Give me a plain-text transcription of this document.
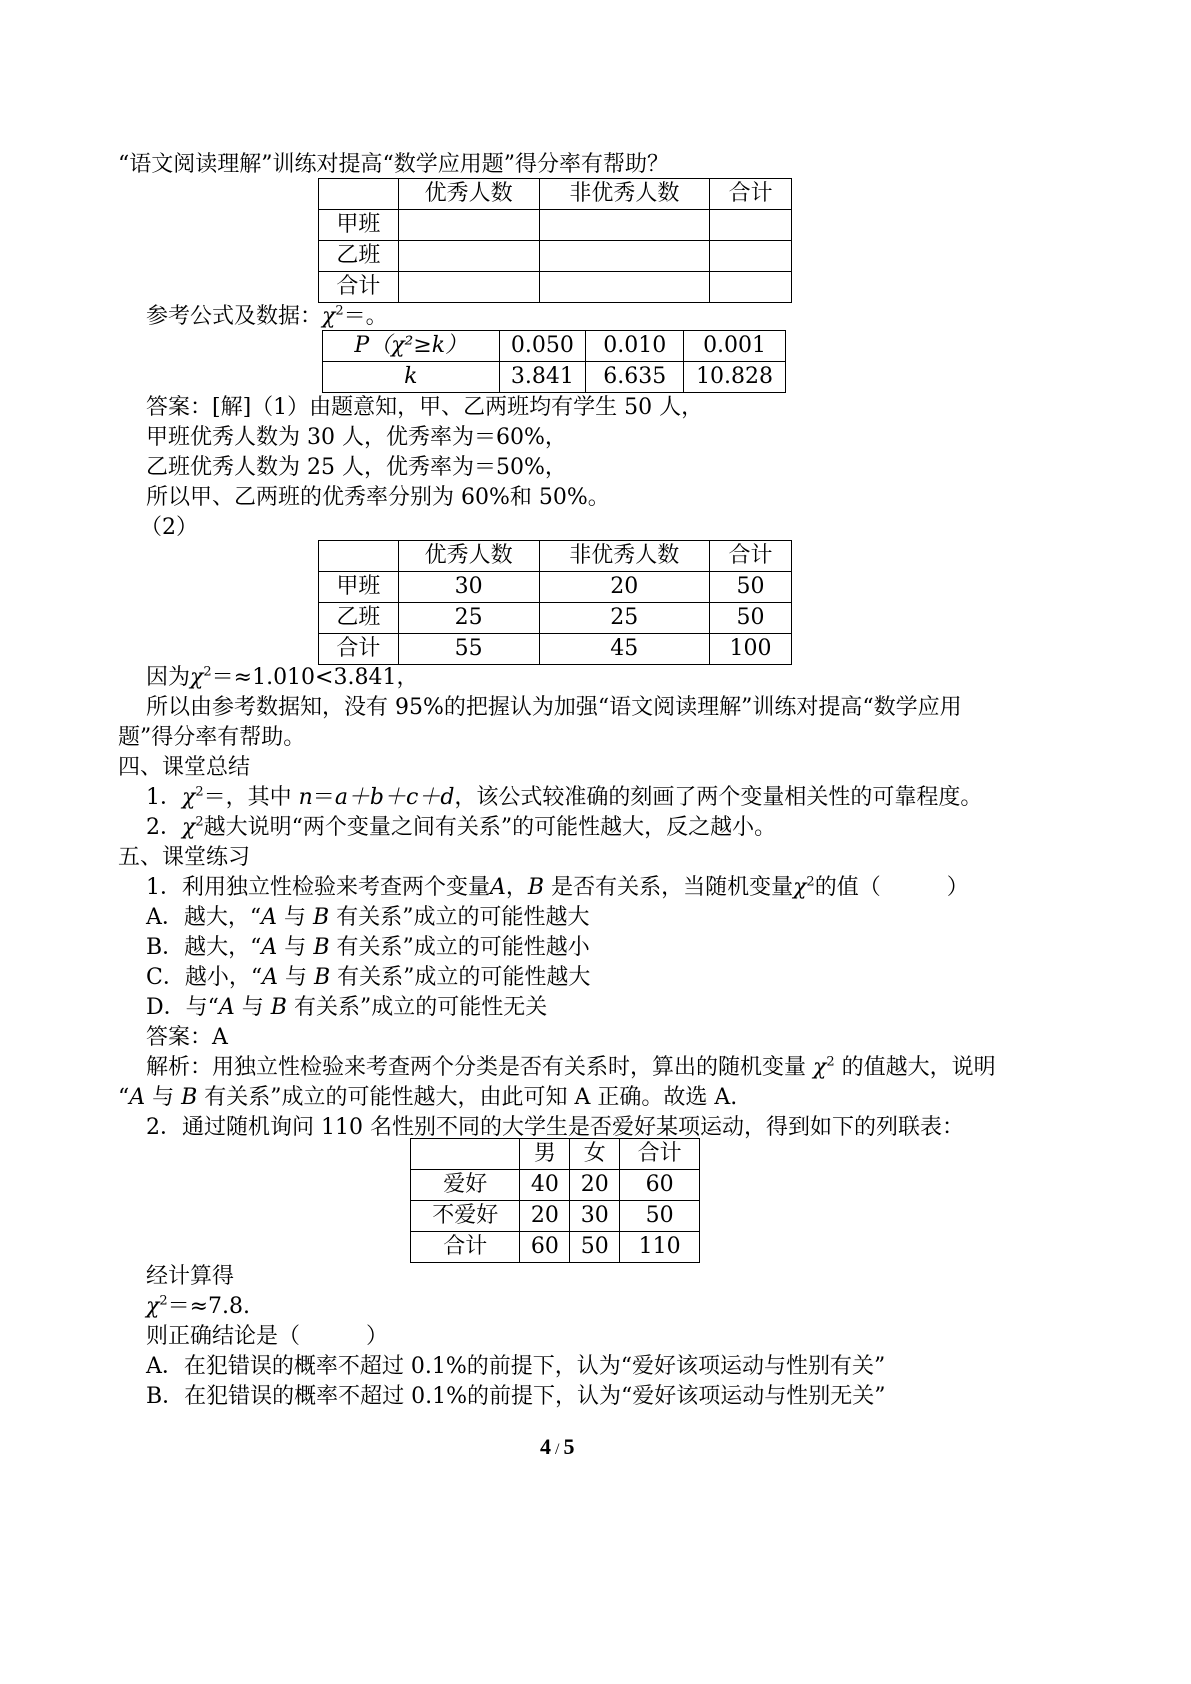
“语文阅读理解”训练对提高“数学应用题”得分率有帮助？
	优秀人数	非优秀人数	合计
甲班			
乙班			
合计			
参考公式及数据：$\chi^2=$。
P（χ²≥k）	0.050	0.010	0.001
k	3.841	6.635	10.828
答案：[解]（1）由题意知，甲、乙两班均有学生 50 人，
甲班优秀人数为 30 人，优秀率为＝60%，
乙班优秀人数为 25 人，优秀率为＝50%，
所以甲、乙两班的优秀率分别为 60%和 50%。
（2）
	优秀人数	非优秀人数	合计
甲班	30	20	50
乙班	25	25	50
合计	55	45	100
因为$\chi^2=\approx 1.010<3.841$，
所以由参考数据知，没有 95%的把握认为加强“语文阅读理解”训练对提高“数学应用
题”得分率有帮助。
四、课堂总结
1．$\chi^2=$，其中 n＝a＋b＋c＋d，该公式较准确的刻画了两个变量相关性的可靠程度。
2．$\chi^2$越大说明“两个变量之间有关系”的可能性越大，反之越小。
五、课堂练习
1．利用独立性检验来考查两个变量A，B 是否有关系，当随机变量$\chi^2$的值（　　　）
A．越大，“A 与 B 有关系”成立的可能性越大
B．越大，“A 与 B 有关系”成立的可能性越小
C．越小，“A 与 B 有关系”成立的可能性越大
D．与“A 与 B 有关系”成立的可能性无关
答案：A
解析：用独立性检验来考查两个分类是否有关系时，算出的随机变量 $\chi^2$ 的值越大，说明
“A 与 B 有关系”成立的可能性越大，由此可知 A 正确。故选 A.
2．通过随机询问 110 名性别不同的大学生是否爱好某项运动，得到如下的列联表：
	男	女	合计
爱好	40	20	60
不爱好	20	30	50
合计	60	50	110
经计算得
$\chi^2=\approx 7.8$.
则正确结论是（　　　）
A．在犯错误的概率不超过 0.1%的前提下，认为“爱好该项运动与性别有关”
B．在犯错误的概率不超过 0.1%的前提下，认为“爱好该项运动与性别无关”
4 / 5
